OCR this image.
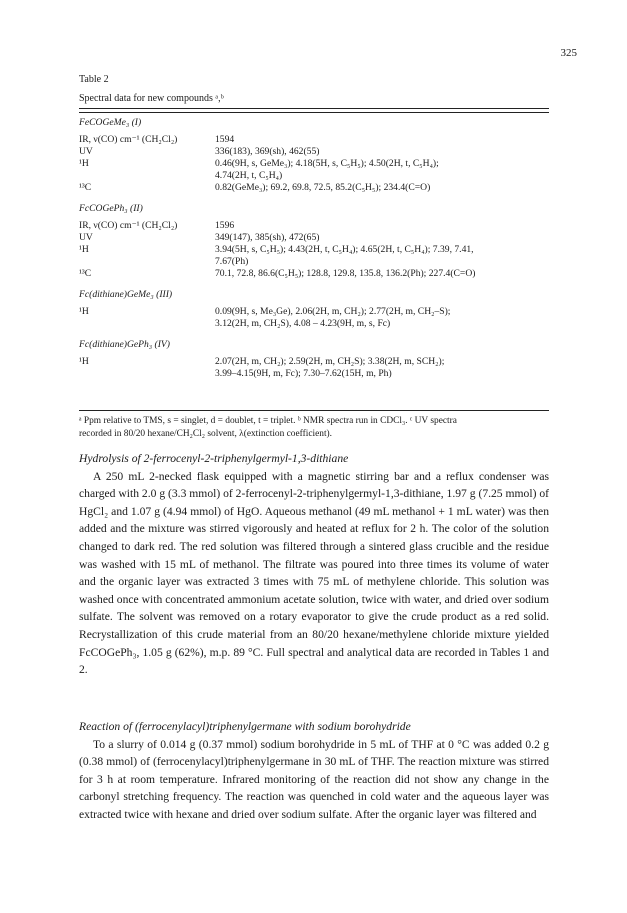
325
Table 2
Spectral data for new compounds ᵃ,ᵇ
FeCOGeMe₃ (I)
IR, ν(CO) cm⁻¹ (CH₂Cl₂)	1594
UV	336(183), 369(sh), 462(55)
¹H	0.46(9H, s, GeMe₃); 4.18(5H, s, C₅H₅); 4.50(2H, t, C₅H₄);
4.74(2H, t, C₅H₄)
¹³C	0.82(GeMe₃); 69.2, 69.8, 72.5, 85.2(C₅H₅); 234.4(C=O)
FcCOGePh₃ (II)
IR, ν(CO) cm⁻¹ (CH₂Cl₂)	1596
UV	349(147), 385(sh), 472(65)
¹H	3.94(5H, s, C₅H₅); 4.43(2H, t, C₅H₄); 4.65(2H, t, C₅H₄); 7.39, 7.41,
7.67(Ph)
¹³C	70.1, 72.8, 86.6(C₅H₅); 128.8, 129.8, 135.8, 136.2(Ph); 227.4(C=O)
Fc(dithiane)GeMe₃ (III)
¹H	0.09(9H, s, Me₃Ge), 2.06(2H, m, CH₂); 2.77(2H, m, CH₂–S);
3.12(2H, m, CH₂S), 4.08 – 4.23(9H, m, s, Fc)
Fc(dithiane)GePh₃ (IV)
¹H	2.07(2H, m, CH₂); 2.59(2H, m, CH₂S); 3.38(2H, m, SCH₂);
3.99–4.15(9H, m, Fc); 7.30–7.62(15H, m, Ph)
ᵃ Ppm relative to TMS, s = singlet, d = doublet, t = triplet. ᵇ NMR spectra run in CDCl₃. ᶜ UV spectra
recorded in 80/20 hexane/CH₂Cl₂ solvent, λ(extinction coefficient).
Hydrolysis of 2-ferrocenyl-2-triphenylgermyl-1,3-dithiane
A 250 mL 2-necked flask equipped with a magnetic stirring bar and a reflux condenser was charged with 2.0 g (3.3 mmol) of 2-ferrocenyl-2-triphenylgermyl-1,3-dithiane, 1.97 g (7.25 mmol) of HgCl₂ and 1.07 g (4.94 mmol) of HgO. Aqueous methanol (49 mL methanol + 1 mL water) was then added and the mixture was stirred vigorously and heated at reflux for 2 h. The color of the solution changed to dark red. The red solution was filtered through a sintered glass crucible and the residue was washed with 15 mL of methanol. The filtrate was poured into three times its volume of water and the organic layer was extracted 3 times with 75 mL of methylene chloride. This solution was washed once with concentrated ammonium acetate solution, twice with water, and dried over sodium sulfate. The solvent was removed on a rotary evaporator to give the crude product as a red solid. Recrystallization of this crude material from an 80/20 hexane/methylene chloride mixture yielded FcCOGePh₃, 1.05 g (62%), m.p. 89 °C. Full spectral and analytical data are recorded in Tables 1 and 2.
Reaction of (ferrocenylacyl)triphenylgermane with sodium borohydride
To a slurry of 0.014 g (0.37 mmol) sodium borohydride in 5 mL of THF at 0 °C was added 0.2 g (0.38 mmol) of (ferrocenylacyl)triphenylgermane in 30 mL of THF. The reaction mixture was stirred for 3 h at room temperature. Infrared monitoring of the reaction did not show any change in the carbonyl stretching frequency. The reaction was quenched in cold water and the aqueous layer was extracted twice with hexane and dried over sodium sulfate. After the organic layer was filtered and
